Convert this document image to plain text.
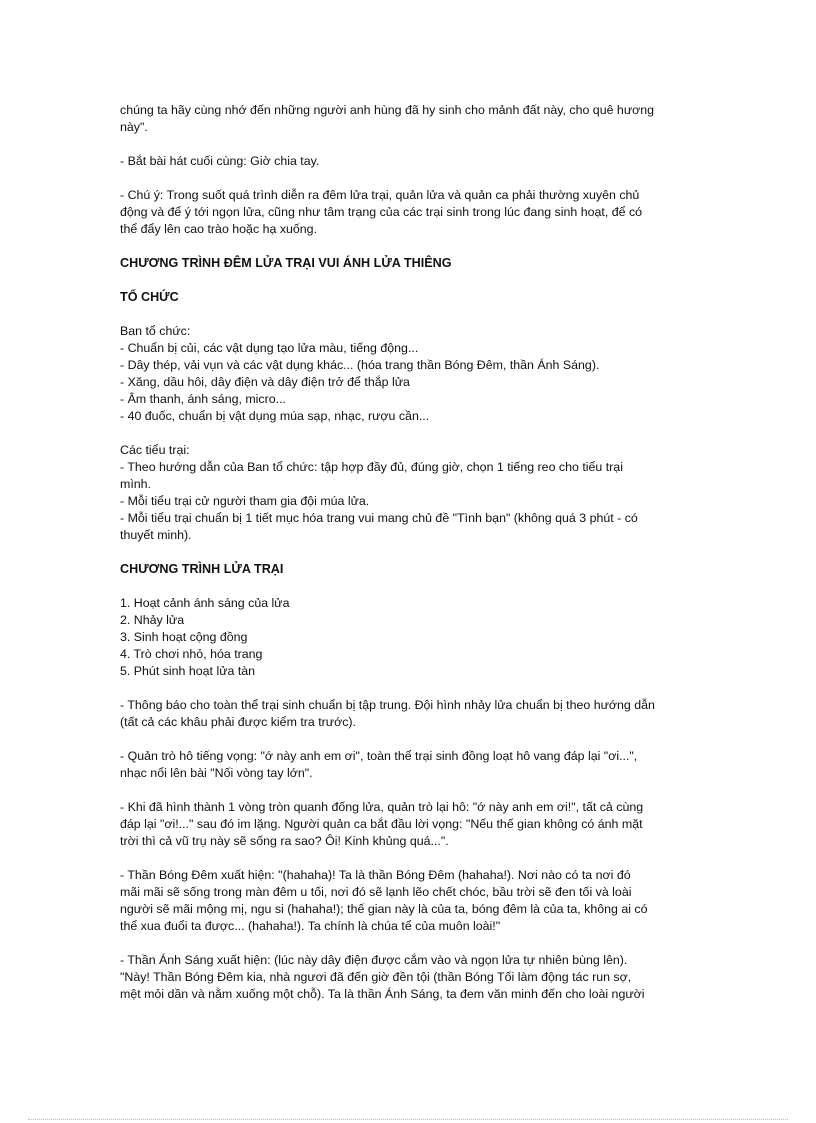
chúng ta hãy cùng nhớ đến những người anh hùng đã hy sinh cho mảnh đất này, cho quê hương
này".
- Bắt bài hát cuối cùng: Giờ chia tay.
- Chú ý: Trong suốt quá trình diễn ra đêm lửa trại, quản lửa và quản ca phải thường xuyên chủ
động và để ý tới ngọn lửa, cũng như tâm trạng của các trại sinh trong lúc đang sinh hoạt, để có
thể đẩy lên cao trào hoặc hạ xuống.
CHƯƠNG TRÌNH ĐÊM LỬA TRẠI VUI ÁNH LỬA THIÊNG
TỔ CHỨC
Ban tổ chức:
- Chuẩn bị củi, các vật dụng tạo lửa màu, tiếng động...
- Dây thép, vải vụn và các vật dụng khác... (hóa trang thần Bóng Đêm, thần Ánh Sáng).
- Xăng, dầu hôi, dây điện và dây điện trở để thắp lửa
- Âm thanh, ánh sáng, micro...
- 40 đuốc, chuẩn bị vật dụng múa sạp, nhạc, rượu cần...
Các tiểu trại:
- Theo hướng dẫn của Ban tổ chức: tập hợp đầy đủ, đúng giờ, chọn 1 tiếng reo cho tiểu trại
mình.
- Mỗi tiểu trại cử người tham gia đội múa lửa.
- Mỗi tiểu trại chuẩn bị 1 tiết mục hóa trang vui mang chủ đề "Tình bạn" (không quá 3 phút - có
thuyết minh).
CHƯƠNG TRÌNH LỬA TRẠI
1. Hoạt cảnh ánh sáng của lửa
2. Nhảy lửa
3. Sinh hoạt cộng đồng
4. Trò chơi nhỏ, hóa trang
5. Phút sinh hoạt lửa tàn
- Thông báo cho toàn thể trại sinh chuẩn bị tập trung. Đội hình nhảy lửa chuẩn bị theo hướng dẫn
(tất cả các khâu phải được kiểm tra trước).
- Quản trò hô tiếng vọng: "ớ này anh em ơi", toàn thể trại sinh đồng loạt hô vang đáp lại "ơi...",
nhạc nổi lên bài "Nối vòng tay lớn".
- Khi đã hình thành 1 vòng tròn quanh đống lửa, quản trò lại hô: "ớ này anh em ơi!", tất cả cùng
đáp lại "ơi!..." sau đó im lặng. Người quản ca bắt đầu lời vọng: "Nếu thế gian không có ánh mặt
trời thì cả vũ trụ này sẽ sống ra sao? Ôi! Kinh khủng quá...".
- Thần Bóng Đêm xuất hiện: "(hahaha)! Ta là thần Bóng Đêm (hahaha!). Nơi nào có ta nơi đó
mãi mãi sẽ sống trong màn đêm u tối, nơi đó sẽ lạnh lẽo chết chóc, bầu trời sẽ đen tối và loài
người sẽ mãi mộng mị, ngu si (hahaha!); thế gian này là của ta, bóng đêm là của ta, không ai có
thể xua đuổi ta được... (hahaha!). Ta chính là chúa tể của muôn loài!"
- Thần Ánh Sáng xuất hiện: (lúc này dây điện được cắm vào và ngọn lửa tự nhiên bùng lên).
"Này! Thần Bóng Đêm kia, nhà ngươi đã đến giờ đền tội (thần Bóng Tối làm động tác run sợ,
mệt mỏi dần và nằm xuống một chỗ). Ta là thần Ánh Sáng, ta đem văn minh đến cho loài người
